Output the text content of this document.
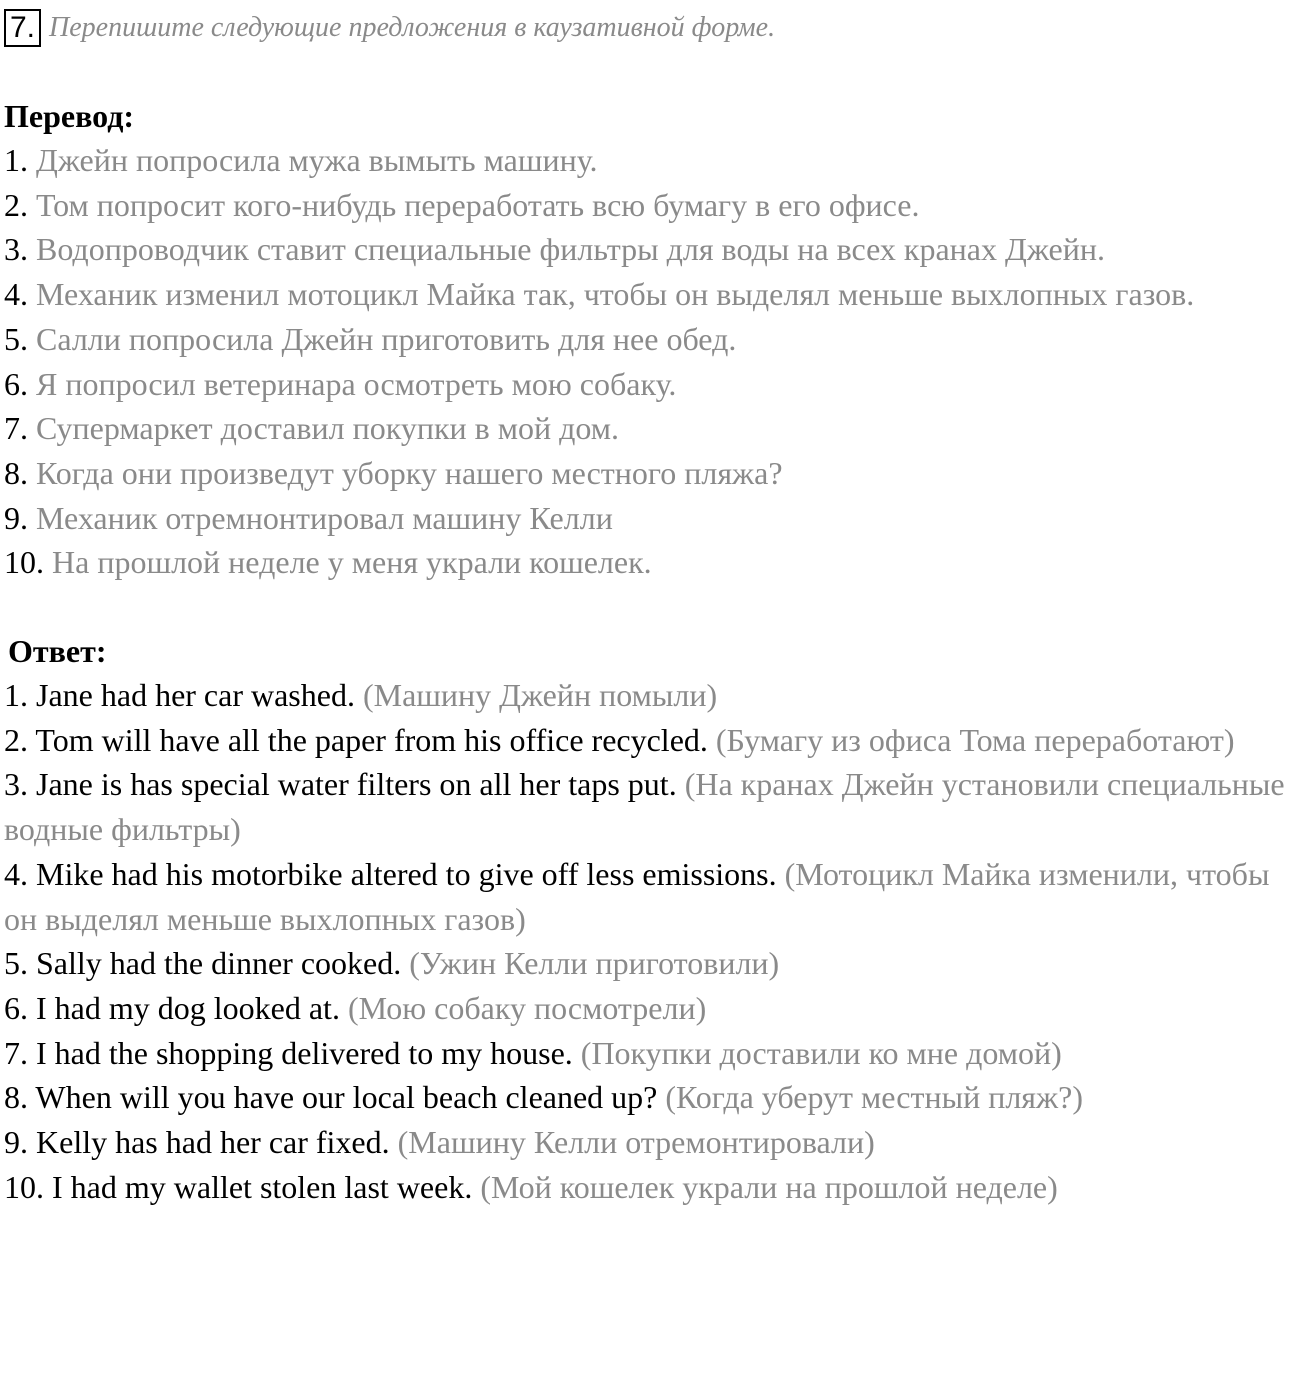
7. Перепишите следующие предложения в каузативной форме.
Перевод:
1. Джейн попросила мужа вымыть машину.
2. Том попросит кого-нибудь переработать всю бумагу в его офисе.
3. Водопроводчик ставит специальные фильтры для воды на всех кранах Джейн.
4. Механик изменил мотоцикл Майка так, чтобы он выделял меньше выхлопных газов.
5. Салли попросила Джейн приготовить для нее обед.
6. Я попросил ветеринара осмотреть мою собаку.
7. Супермаркет доставил покупки в мой дом.
8. Когда они произведут уборку нашего местного пляжа?
9. Механик отремнонтировал машину Келли
10. На прошлой неделе у меня украли кошелек.
Ответ:
1. Jane had her car washed. (Машину Джейн помыли)
2. Tom will have all the paper from his office recycled. (Бумагу из офиса Тома переработают)
3. Jane is has special water filters on all her taps put. (На кранах Джейн установили специальные водные фильтры)
4. Mike had his motorbike altered to give off less emissions. (Мотоцикл Майка изменили, чтобы он выделял меньше выхлопных газов)
5. Sally had the dinner cooked. (Ужин Келли приготовили)
6. I had my dog looked at. (Мою собаку посмотрели)
7. I had the shopping delivered to my house. (Покупки доставили ко мне домой)
8. When will you have our local beach cleaned up? (Когда уберут местный пляж?)
9. Kelly has had her car fixed. (Машину Келли отремонтировали)
10. I had my wallet stolen last week. (Мой кошелек украли на прошлой неделе)
